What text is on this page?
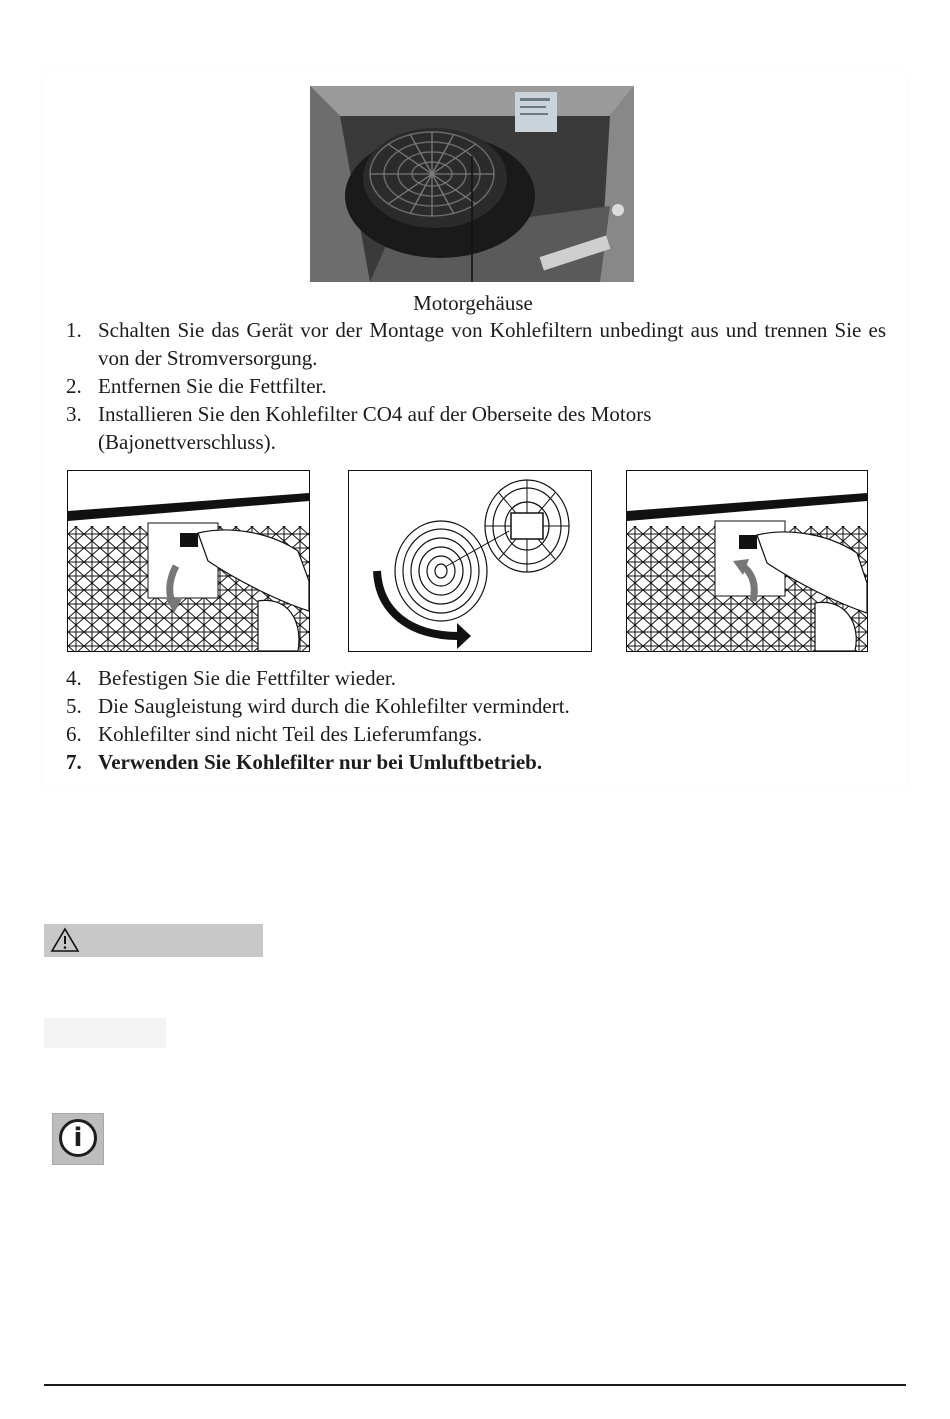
Motorgehäuse
1. Schalten Sie das Gerät vor der Montage von Kohlefiltern unbedingt aus und trennen Sie es von der Stromversorgung.
2. Entfernen Sie die Fettfilter.
3. Installieren Sie den Kohlefilter CO4 auf der Oberseite des Motors (Bajonettverschluss).
4. Befestigen Sie die Fettfilter wieder.
5. Die Saugleistung wird durch die Kohlefilter vermindert.
6. Kohlefilter sind nicht Teil des Lieferumfangs.
7. Verwenden Sie Kohlefilter nur bei Umluftbetrieb.
i
